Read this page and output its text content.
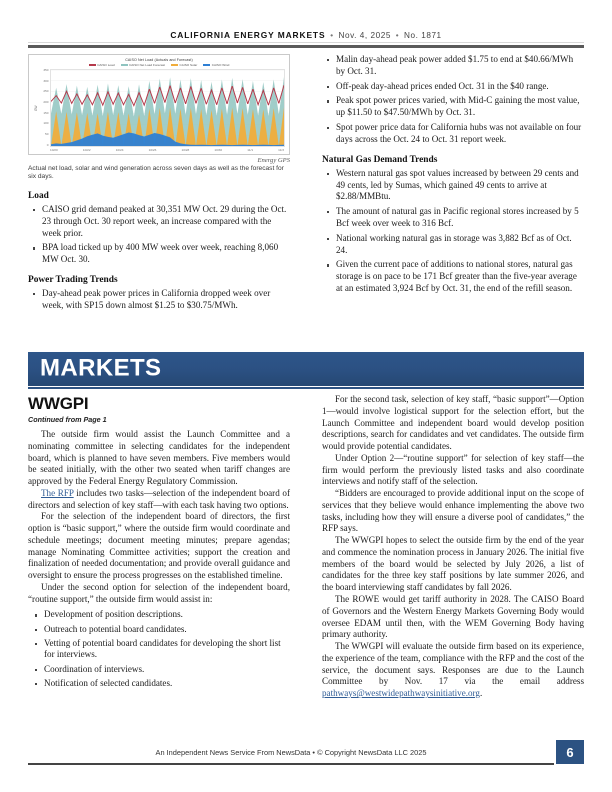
CALIFORNIA ENERGY MARKETS • Nov. 4, 2025 • No. 1871
CAISO Net Load (Actuals and Forecast)
CAISO Load	CAISO Net Load Forecast	CAISO Solar	CAISO Wind
GW
350
300
250
200
150
100
50
0
10/20	10/22	10/24	10/26	10/28	10/30	11/1	11/3
Energy GPS
Actual net load, solar and wind generation across seven days as well as the forecast for six days.
Load
CAISO grid demand peaked at 30,351 MW Oct. 29 during the Oct. 23 through Oct. 30 report week, an increase compared with the week prior.
BPA load ticked up by 400 MW week over week, reaching 8,060 MW Oct. 30.
Power Trading Trends
Day-ahead peak power prices in California dropped week over week, with SP15 down almost $1.25 to $30.75/MWh.
Malin day-ahead peak power added $1.75 to end at $40.66/MWh by Oct. 31.
Off-peak day-ahead prices ended Oct. 31 in the $40 range.
Peak spot power prices varied, with Mid-C gaining the most value, up $11.50 to $47.50/MWh by Oct. 31.
Spot power price data for California hubs was not available on four days across the Oct. 24 to Oct. 31 report week.
Natural Gas Demand Trends
Western natural gas spot values increased by between 29 cents and 49 cents, led by Sumas, which gained 49 cents to arrive at $2.88/MMBtu.
The amount of natural gas in Pacific regional stores increased by 5 Bcf week over week to 316 Bcf.
National working natural gas in storage was 3,882 Bcf as of Oct. 24.
Given the current pace of additions to national stores, natural gas storage is on pace to be 171 Bcf greater than the five-year average at an estimated 3,924 Bcf by Oct. 31, the end of the refill season.
MARKETS
WWGPI
Continued from Page 1

The outside firm would assist the Launch Committee and a nominating committee in selecting candidates for the independent board, which is planned to have seven members. Five members would be seated initially, with the other two seated when tariff changes are approved by the Federal Energy Regulatory Commission.

The RFP includes two tasks—selection of the independent board of directors and selection of key staff—with each task having two options.

For the selection of the independent board of directors, the first option is “basic support,” where the outside firm would coordinate and schedule meetings; document meeting minutes; prepare agendas; manage Nominating Committee activities; support the creation and finalization of needed documentation; and provide overall guidance and oversight to ensure the process progresses on the established timeline.

Under the second option for selection of the independent board, “routine support,” the outside firm would assist in:

Development of position descriptions.
Outreach to potential board candidates.
Vetting of potential board candidates for developing the short list for interviews.
Coordination of interviews.
Notification of selected candidates.

For the second task, selection of key staff, “basic support”—Option 1—would involve logistical support for the selection effort, but the Launch Committee and independent board would develop position descriptions, search for candidates and vet candidates. The outside firm would provide potential candidates.

Under Option 2—“routine support” for selection of key staff—the firm would perform the previously listed tasks and also coordinate interviews and notify staff of the selection.

“Bidders are encouraged to provide additional input on the scope of services that they believe would enhance implementing the above two tasks, including how they will ensure a diverse pool of candidates,” the RFP says.

The WWGPI hopes to select the outside firm by the end of the year and commence the nomination process in January 2026. The initial five members of the board would be selected by July 2026, a list of candidates for the three key staff positions by late summer 2026, and the board interviewing staff candidates by fall 2026.

The ROWE would get tariff authority in 2028. The CAISO Board of Governors and the Western Energy Markets Governing Body would oversee EDAM until then, with the WEM Governing Body having primary authority.

The WWGPI will evaluate the outside firm based on its experience, the experience of the team, compliance with the RFP and the cost of the service, the document says. Responses are due to the Launch Committee by Nov. 17 via the email address pathways@westwidepathwaysinitiative.org.

An Independent News Service From NewsData • © Copyright NewsData LLC 2025	6
